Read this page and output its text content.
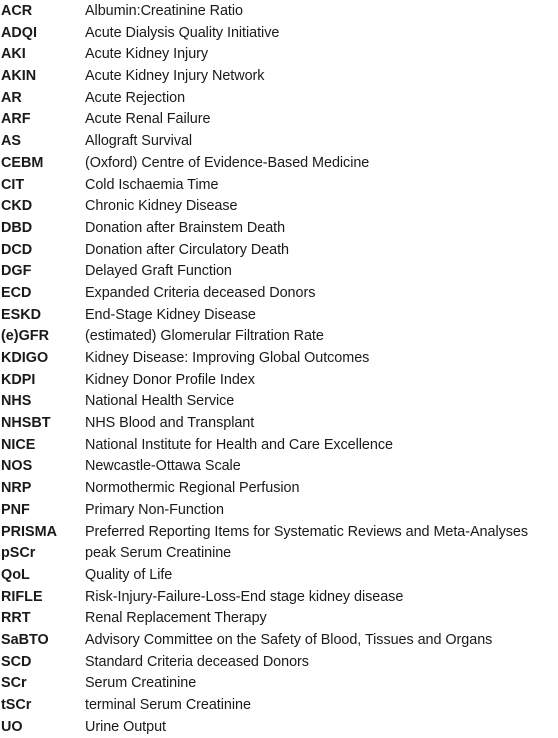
ACR	Albumin:Creatinine Ratio
ADQI	Acute Dialysis Quality Initiative
AKI	Acute Kidney Injury
AKIN	Acute Kidney Injury Network
AR	Acute Rejection
ARF	Acute Renal Failure
AS	Allograft Survival
CEBM	(Oxford) Centre of Evidence-Based Medicine
CIT	Cold Ischaemia Time
CKD	Chronic Kidney Disease
DBD	Donation after Brainstem Death
DCD	Donation after Circulatory Death
DGF	Delayed Graft Function
ECD	Expanded Criteria deceased Donors
ESKD	End-Stage Kidney Disease
(e)GFR	(estimated) Glomerular Filtration Rate
KDIGO	Kidney Disease: Improving Global Outcomes
KDPI	Kidney Donor Profile Index
NHS	National Health Service
NHSBT	NHS Blood and Transplant
NICE	National Institute for Health and Care Excellence
NOS	Newcastle-Ottawa Scale
NRP	Normothermic Regional Perfusion
PNF	Primary Non-Function
PRISMA	Preferred Reporting Items for Systematic Reviews and Meta-Analyses
pSCr	peak Serum Creatinine
QoL	Quality of Life
RIFLE	Risk-Injury-Failure-Loss-End stage kidney disease
RRT	Renal Replacement Therapy
SaBTO	Advisory Committee on the Safety of Blood, Tissues and Organs
SCD	Standard Criteria deceased Donors
SCr	Serum Creatinine
tSCr	terminal Serum Creatinine
UO	Urine Output
